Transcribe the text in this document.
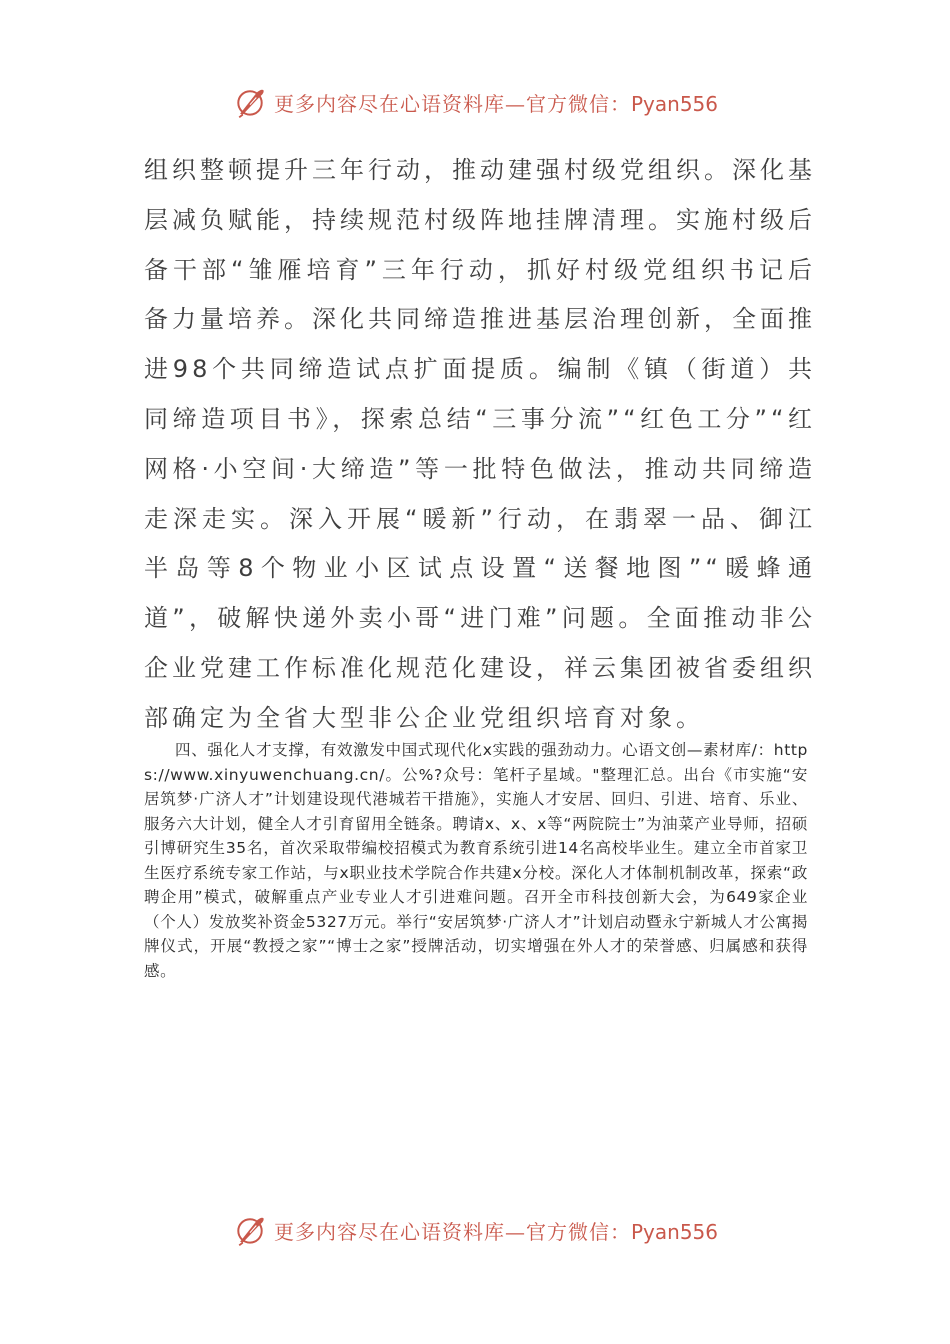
更多内容尽在心语资料库—官方微信：Pyan556

组织整顿提升三年行动，推动建强村级党组织。深化基层减负赋能，持续规范村级阵地挂牌清理。实施村级后备干部“雏雁培育”三年行动，抓好村级党组织书记后备力量培养。深化共同缔造推进基层治理创新，全面推进98个共同缔造试点扩面提质。编制《镇（街道）共同缔造项目书》，探索总结“三事分流”“红色工分”“红网格·小空间·大缔造”等一批特色做法，推动共同缔造走深走实。深入开展“暖新”行动，在翡翠一品、御江半岛等8个物业小区试点设置“送餐地图”“暖蜂通道”，破解快递外卖小哥“进门难”问题。全面推动非公企业党建工作标准化规范化建设，祥云集团被省委组织部确定为全省大型非公企业党组织培育对象。

四、强化人才支撑，有效激发中国式现代化x实践的强劲动力。心语文创—素材库/：https://www.xinyuwenchuang.cn/。公%?众号：笔杆子星域。"整理汇总。出台《市实施“安居筑梦·广济人才”计划建设现代港城若干措施》，实施人才安居、回归、引进、培育、乐业、服务六大计划，健全人才引育留用全链条。聘请x、x、x等“两院院士”为油菜产业导师，招硕引博研究生35名，首次采取带编校招模式为教育系统引进14名高校毕业生。建立全市首家卫生医疗系统专家工作站，与x职业技术学院合作共建x分校。深化人才体制机制改革，探索“政聘企用”模式，破解重点产业专业人才引进难问题。召开全市科技创新大会，为649家企业（个人）发放奖补资金5327万元。举行“安居筑梦·广济人才”计划启动暨永宁新城人才公寓揭牌仪式，开展“教授之家”“博士之家”授牌活动，切实增强在外人才的荣誉感、归属感和获得感。

更多内容尽在心语资料库—官方微信：Pyan556
